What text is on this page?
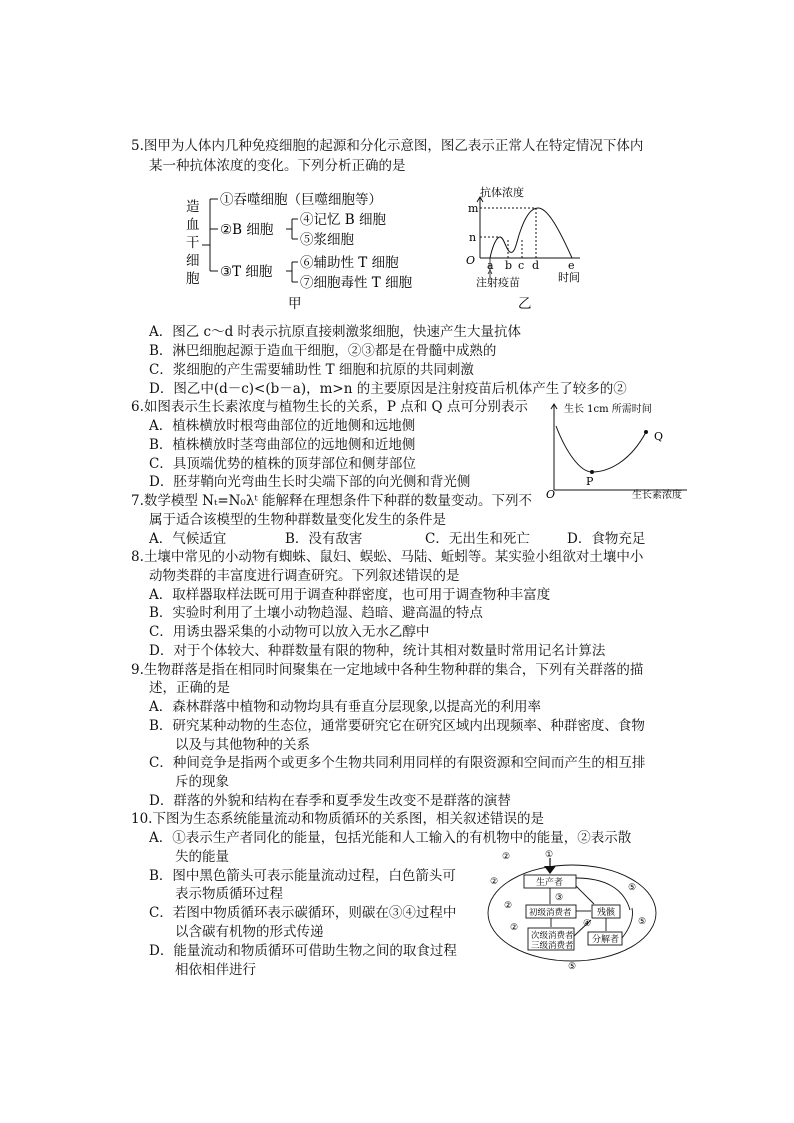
5.图甲为人体内几种免疫细胞的起源和分化示意图，图乙表示正常人在特定情况下体内
某一种抗体浓度的变化。下列分析正确的是
造
血
干
细
胞
①吞噬细胞（巨噬细胞等）
②B 细胞
④记忆 B 细胞
⑤浆细胞
③T 细胞
⑥辅助性 T 细胞
⑦细胞毒性 T 细胞
甲
抗体浓度
m
n
O a b c d	e
时间
注射疫苗
乙
A．图乙 c～d 时表示抗原直接刺激浆细胞，快速产生大量抗体
B．淋巴细胞起源于造血干细胞，②③都是在骨髓中成熟的
C．浆细胞的产生需要辅助性 T 细胞和抗原的共同刺激
D．图乙中(d－c)<(b－a)，m>n 的主要原因是注射疫苗后机体产生了较多的②
6.如图表示生长素浓度与植物生长的关系，P 点和 Q 点可分别表示
A．植株横放时根弯曲部位的近地侧和远地侧
B．植株横放时茎弯曲部位的远地侧和近地侧
C．具顶端优势的植株的顶芽部位和侧芽部位
D．胚芽鞘向光弯曲生长时尖端下部的向光侧和背光侧
生长 1cm 所需时间
生长素浓度
O
P
Q
7.数学模型 Nₜ=N₀λᵗ 能解释在理想条件下种群的数量变动。下列不
属于适合该模型的生物种群数量变化发生的条件是
A．气候适宜	B．没有敌害	C．无出生和死亡	D．食物充足
8.土壤中常见的小动物有蜘蛛、鼠妇、蜈蚣、马陆、蚯蚓等。某实验小组欲对土壤中小
动物类群的丰富度进行调查研究。下列叙述错误的是
A．取样器取样法既可用于调查种群密度，也可用于调查物种丰富度
B．实验时利用了土壤小动物趋湿、趋暗、避高温的特点
C．用诱虫器采集的小动物可以放入无水乙醇中
D．对于个体较大、种群数量有限的物种，统计其相对数量时常用记名计算法
9.生物群落是指在相同时间聚集在一定地域中各种生物种群的集合，下列有关群落的描
述，正确的是
A．森林群落中植物和动物均具有垂直分层现象,以提高光的利用率
B．研究某种动物的生态位，通常要研究它在研究区域内出现频率、种群密度、食物
以及与其他物种的关系
C．种间竞争是指两个或更多个生物共同利用同样的有限资源和空间而产生的相互排
斥的现象
D．群落的外貌和结构在春季和夏季发生改变不是群落的演替
10.下图为生态系统能量流动和物质循环的关系图，相关叙述错误的是
A．①表示生产者同化的能量，包括光能和人工输入的有机物中的能量，②表示散
失的能量
B．图中黑色箭头可表示能量流动过程，白色箭头可
表示物质循环过程
C．若图中物质循环表示碳循环，则碳在③④过程中
以含碳有机物的形式传递
D．能量流动和物质循环可借助生物之间的取食过程
相依相伴进行
生产者
初级消费者	残骸
次级消费者
三级消费者
分解者
①
②
②
②
②
③
④
⑤
⑤
⑤
